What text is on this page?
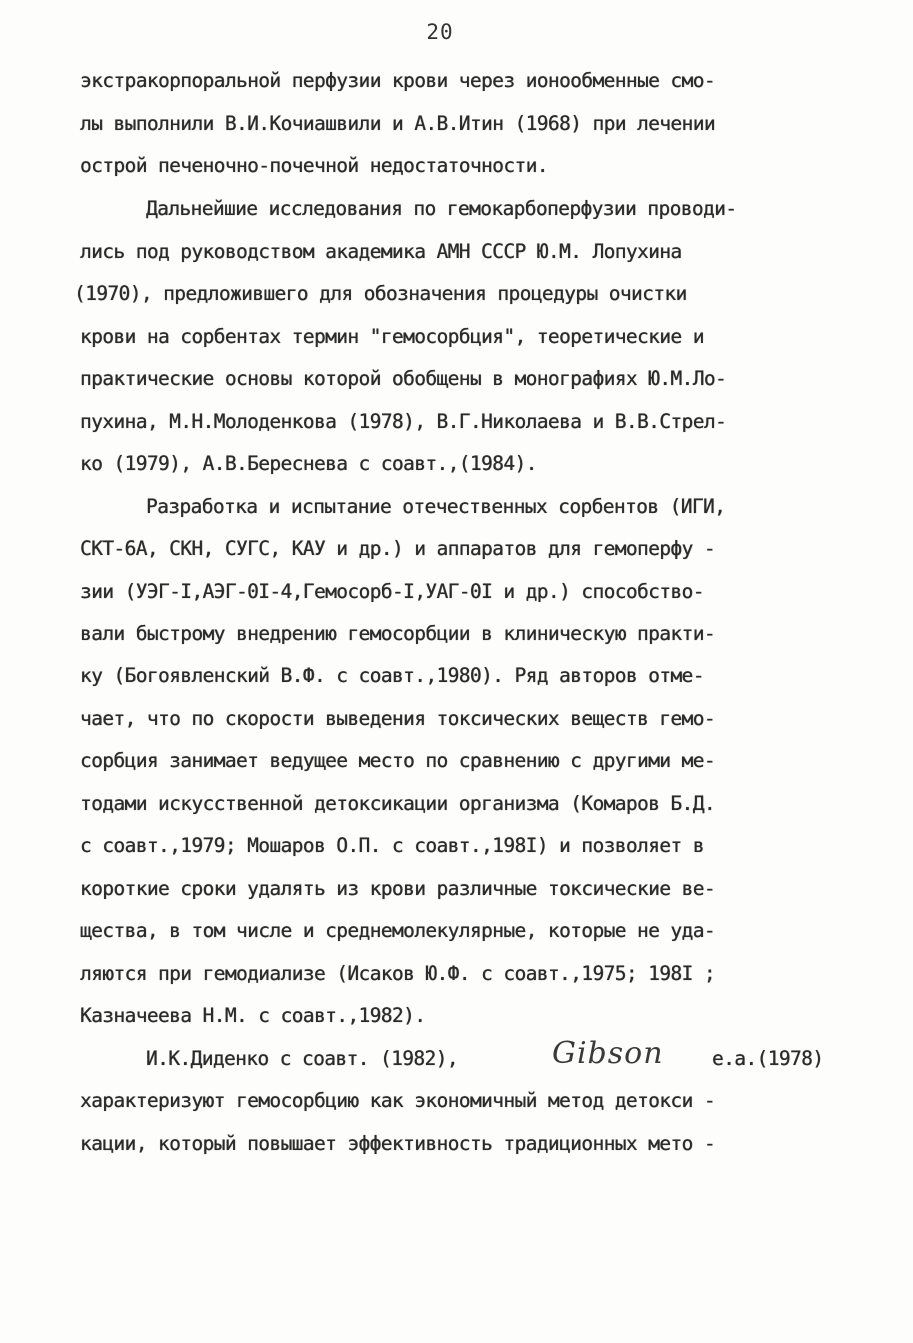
20
экстракорпоральной перфузии крови через ионообменные смо-
лы выполнили В.И.Кочиашвили и А.В.Итин (1968) при лечении
острой печеночно-почечной недостаточности.
Дальнейшие исследования по гемокарбоперфузии проводи-
лись под руководством академика АМН СССР Ю.М. Лопухина
(1970), предложившего для обозначения процедуры очистки
крови на сорбентах термин "гемосорбция", теоретические и
практические основы которой обобщены в монографиях Ю.М.Ло-
пухина, М.Н.Молоденкова (1978), В.Г.Николаева и В.В.Стрел-
ко (1979), А.В.Береснева с соавт.,(1984).
Разработка и испытание отечественных сорбентов (ИГИ,
СКТ-6А, СКН, СУГС, КАУ и др.) и аппаратов для гемоперфу -
зии (УЭГ-I,АЭГ-0I-4,Гемосорб-I,УАГ-0I и др.) способство-
вали быстрому внедрению гемосорбции в клиническую практи-
ку (Богоявленский В.Ф. с соавт.,1980). Ряд авторов отме-
чает, что по скорости выведения токсических веществ гемо-
сорбция занимает ведущее место по сравнению с другими ме-
тодами искусственной детоксикации организма (Комаров Б.Д.
с соавт.,1979; Мошаров О.П. с соавт.,198I) и позволяет в
короткие сроки удалять из крови различные токсические ве-
щества, в том числе и среднемолекулярные, которые не уда-
ляются при гемодиализе (Исаков Ю.Ф. с соавт.,1975; 198I ;
Казначеева Н.М. с соавт.,1982).
И.К.Диденко с соавт. (1982),	Gibson е.а.(1978)
характеризуют гемосорбцию как экономичный метод детокси -
кации, который повышает эффективность традиционных мето -
